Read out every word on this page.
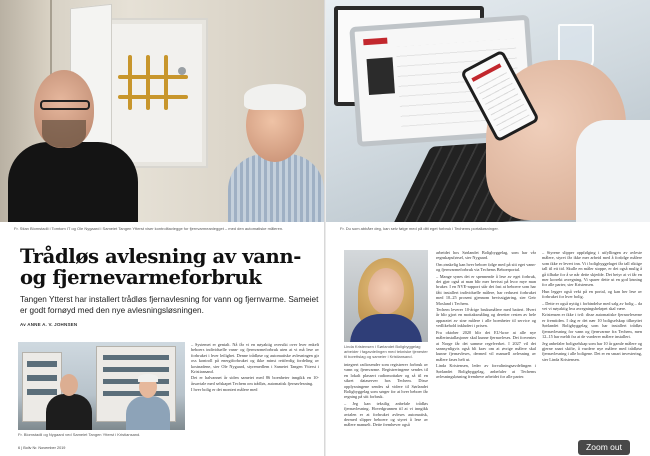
Fr. Stian Blomstadli i Tomtom IT og Ole Nygaard i Sameiet Tangen Ytterst viser kontrolltavlegge for fjernvarmeanlegget – med den automatiske måleren.
Trådløs avlesning av vann- og fjernevarmeforbruk

Tangen Ytterst har installert trådløs fjernavlesning for vann og fjernvarme. Sameiet er godt fornøyd med den nye avlesningsløsningen.

Av ANNE A. V. JOHNSEN
Fr. Blomstadli og Nygaard ved Sameiet Tangen Ytterst i Kristiansand.

– Systemet er genialt. Nå får vi en nøyaktig oversikt over hver enkelt beboers individuelle vann- og fjernvarmeforbruk uten at vi må lese av forbruket i hver leilighet. Denne trådløse og automatiske avlesningen gir oss kontroll på energiforbruket og ikke minst rettferdig fordeling av kostnadene, sier Ole Nygaard, styremedlem i Sameiet Tangen Ytterst i Kristiansand.

Det er halvannet år siden sameiet med 86 boenheter inngikk en 10-årsavtale med selskapet Techem om trådløs, automatisk fjernavlesning.

I hver bolig er det montert målere med

6 | Boliv Nr. November 2019
Fr. Du som abbåer deg, kan selv følge med på ditt eget forbruk i Techems portalløsninger.
Linda Kristensen i Sørlandet Boligbyggelag arbeider i fagavdelingen med tekniske tjenester til borettslag og sameier i Kristiansand.

integrert radiosender som registrerer forbruk av vann og fjernvarme. Registreringene sendes til en lokalt plassert radiomottaker og så til en sikret dataserver hos Techem. Disse opplysningene sendes så videre til Sørlandet Boligbyggelag som sørger for at hver beboer får regning på sitt forbruk.

– Jeg kan tekstlig anbefale trådløs fjernavlesning. Hovedgrunnen til at vi inngikk avtalen er at forbruket avleses automatisk, dermed slipper beboere og styret å lese av målere manuelt. Dette fremhever også

arbeidet hos Sørlandet Boligbyggelag, som har vår regnskapsførsel, sier Nygaard.

Om ønskelig kan hver beboer følge med på sitt eget vann- og fjernvarmeforbruk via Techems Beboerportal.

– Mange synes det er spennende å lese av eget forbruk, det gjør også at man blir mer bevisst på hvor mye man bruker. I en NVE-rapport står det fast at beboere som har fått installert individuelle målere, har redusert forbruket med 10–25 prosent gjennom bevisstgjøring, sier Geir Mosland i Techem.

Techem leverer 10-årige bruksmålere med batteri. Hvert år blir gjort en mottaksmåling og deretter resten av hele apparatet av sine målere i alle boenheter til service og vedlikehold inkludert i prisen.

Fra oktober 2020 blir det EU-krav at alle nye målerinstallasjoner skal kunne fjernavleses. Det forventes at Norge får det samme regelverket. I 2027 vil det sannsynligvis også bli krav om at øvrige målere skal kunne fjernavleses, dermed vil manuell avlesning av målere fases helt ut.

Linda Kristensen, leder av forvaltningsavdelingen i Sørlandet Boligbyggelag, anbefaler at Techems avlesningsløsning fremheve arbeidet for alle parter.

– Styrene slipper oppfølging i utfyllingen av avleste målere, styret får ikke mer arbeid med å forfølge målere som ikke er levert inn. Vi i boligbyggelaget får tall riktige tall til ett tid. Skulle en måler stoppe, er det også mulig å gå tilbake for å se når dette skjedde. Det betyr at vi får en mer korrekt avregning. Vi sparer dette ut en god løsning for alle parter, sier Kristensen.

Hun legger også vekt på en portal, og kan her lese av forbruket for hver bolig.

– Dette er også nyttig i forbindelse med salg av bolig – da vet vi nøyaktig hva avregningsbeløpet skal være.

Kristensen er ikke i tvil: disse automatiske fjernavleserne er fremtiden. I dag er det nær 10 boligselskap tilknyttet Sørlandet Boligbyggelag som har installert trådløs fjernavlesning for vann og fjernvarme fra Techem, men 12–15 har meldt fra at de vurderer målere installert.

Jeg anbefaler boligselskap som har 10 år gamle målere og gjerne snart skifte, å vurdere nye målere med trådløse fjernavlesning i alle boligene. Det er en smart investering, sier Linda Kristensen.

Zoom out
